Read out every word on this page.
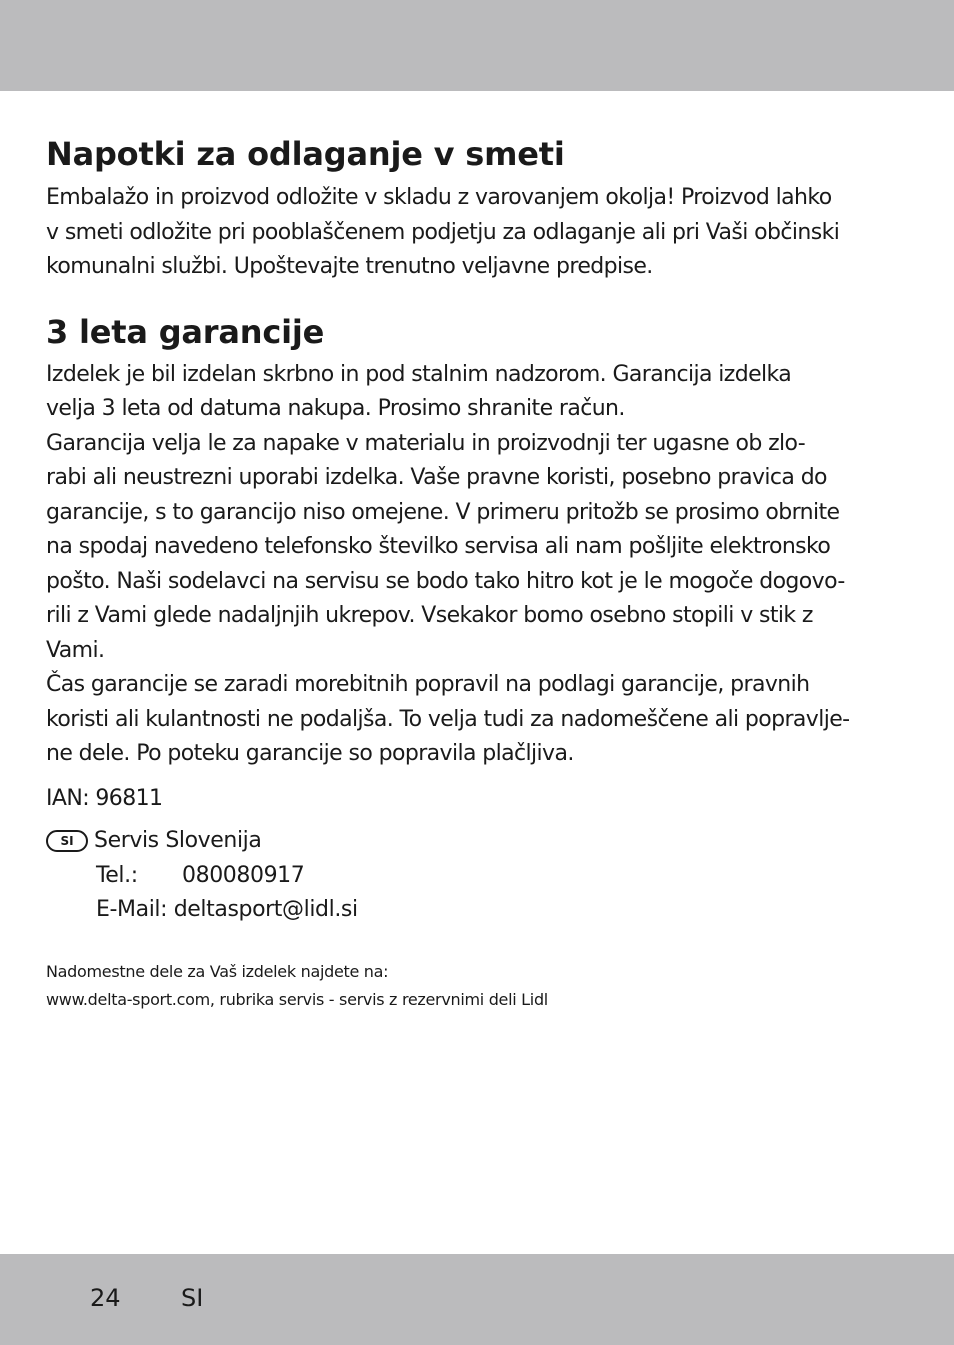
Napotki za odlaganje v smeti

Embalažo in proizvod odložite v skladu z varovanjem okolja! Proizvod lahko
v smeti odložite pri pooblaščenem podjetju za odlaganje ali pri Vaši občinski
komunalni službi. Upoštevajte trenutno veljavne predpise.

3 leta garancije

Izdelek je bil izdelan skrbno in pod stalnim nadzorom. Garancija izdelka
velja 3 leta od datuma nakupa. Prosimo shranite račun.
Garancija velja le za napake v materialu in proizvodnji ter ugasne ob zlo-
rabi ali neustrezni uporabi izdelka. Vaše pravne koristi, posebno pravica do
garancije, s to garancijo niso omejene. V primeru pritožb se prosimo obrnite
na spodaj navedeno telefonsko številko servisa ali nam pošljite elektronsko
pošto. Naši sodelavci na servisu se bodo tako hitro kot je le mogoče dogovo-
rili z Vami glede nadaljnjih ukrepov. Vsekakor bomo osebno stopili v stik z
Vami.
Čas garancije se zaradi morebitnih popravil na podlagi garancije, pravnih
koristi ali kulantnosti ne podaljša. To velja tudi za nadomeščene ali popravlje-
ne dele. Po poteku garancije so popravila plačljiva.

IAN: 96811

SI Servis Slovenija
Tel.: 080080917
E-Mail: deltasport@lidl.si
Nadomestne dele za Vaš izdelek najdete na:
www.delta-sport.com, rubrika servis - servis z rezervnimi deli Lidl
24	SI
